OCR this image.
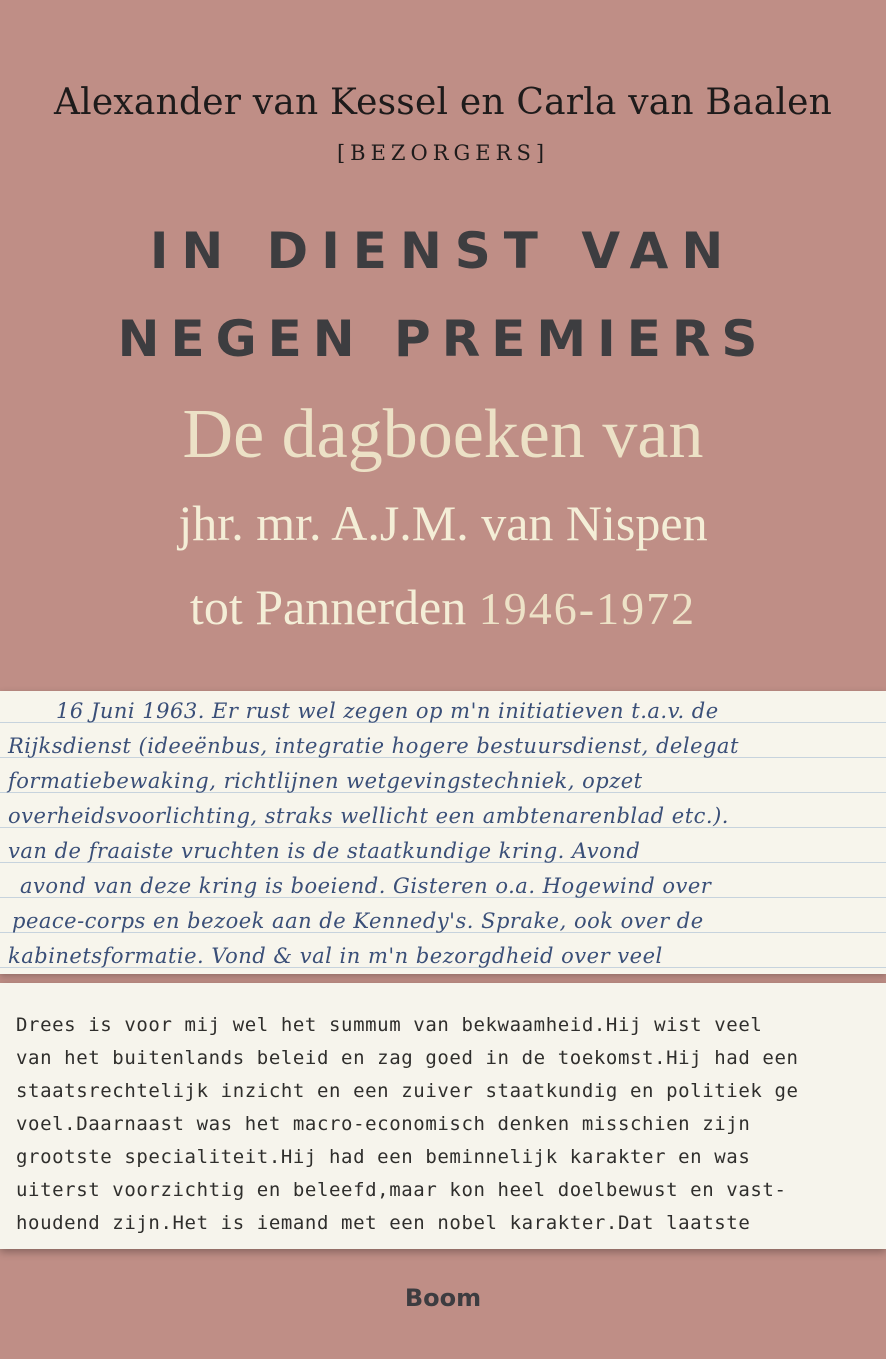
Alexander van Kessel en Carla van Baalen
[BEZORGERS]
IN DIENST VAN
NEGEN PREMIERS
De dagboeken van
jhr. mr. A.J.M. van Nispen
tot Pannerden 1946-1972
16 Juni 1963. Er rust wel zegen op m'n initiatieven t.a.v. de
Rijksdienst (ideeënbus, integratie hogere bestuursdienst, delegat
formatiebewaking, richtlijnen wetgevingstechniek, opzet
overheidsvoorlichting, straks wellicht een ambtenarenblad etc.).
van de fraaiste vruchten is de staatkundige kring. Avond
avond van deze kring is boeiend. Gisteren o.a. Hogewind over
peace-corps en bezoek aan de Kennedy's. Sprake, ook over de
kabinetsformatie. Vond & val in m'n bezorgdheid over veel
Drees is voor mij wel het summum van bekwaamheid.Hij wist veel
van het buitenlands beleid en zag goed in de toekomst.Hij had een
staatsrechtelijk inzicht en een zuiver staatkundig en politiek ge
voel.Daarnaast was het macro-economisch denken misschien zijn
grootste specialiteit.Hij had een beminnelijk karakter en was
uiterst voorzichtig en beleefd,maar kon heel doelbewust en vast-
houdend zijn.Het is iemand met een nobel karakter.Dat laatste
Boom
